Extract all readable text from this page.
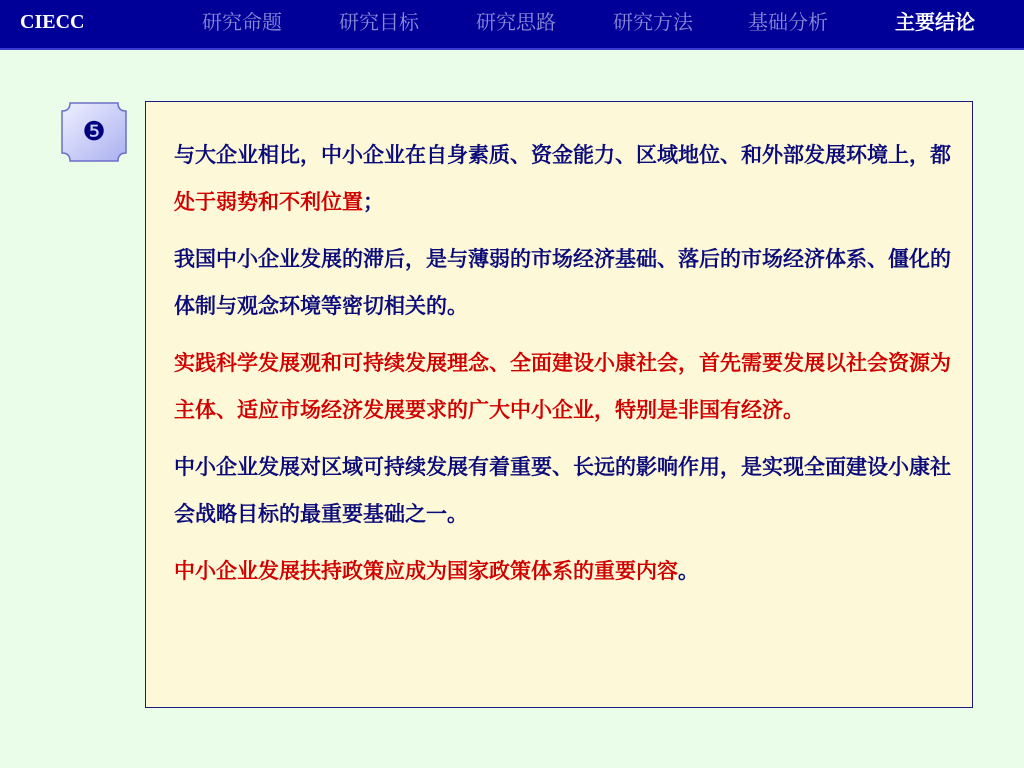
CIECC	研究命题	研究目标	研究思路	研究方法	基础分析	主要结论
❺

与大企业相比，中小企业在自身素质、资金能力、区域地位、和外部发展环境上，都处于弱势和不利位置；

我国中小企业发展的滞后，是与薄弱的市场经济基础、落后的市场经济体系、僵化的体制与观念环境等密切相关的。

实践科学发展观和可持续发展理念、全面建设小康社会，首先需要发展以社会资源为主体、适应市场经济发展要求的广大中小企业，特别是非国有经济。

中小企业发展对区域可持续发展有着重要、长远的影响作用，是实现全面建设小康社会战略目标的最重要基础之一。

中小企业发展扶持政策应成为国家政策体系的重要内容。
